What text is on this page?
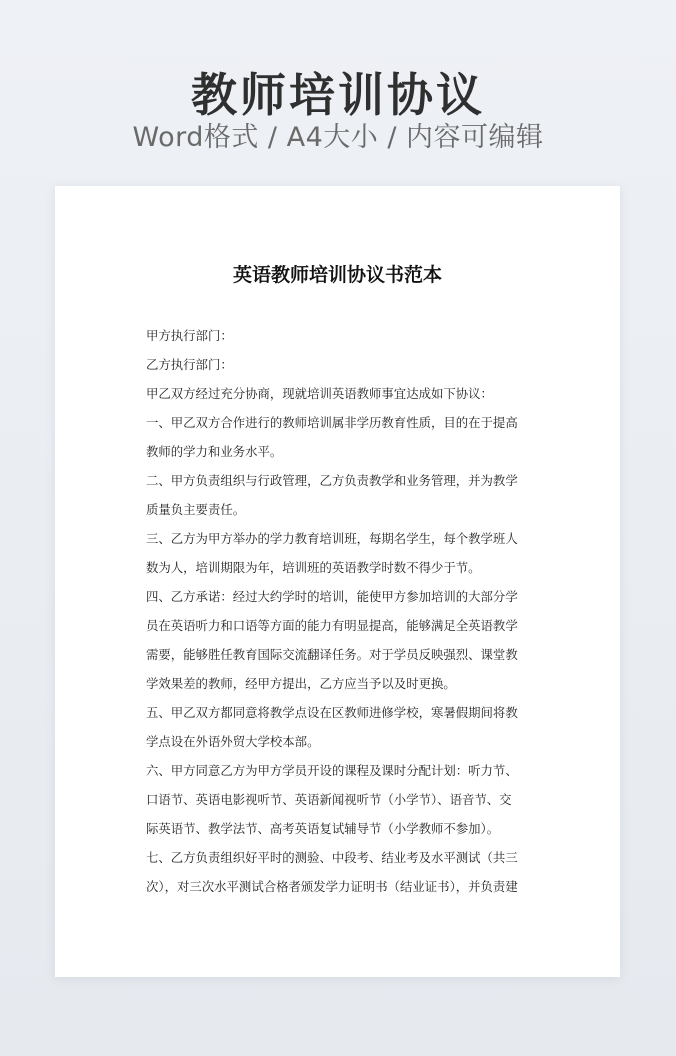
教师培训协议
Word格式 / A4大小 / 内容可编辑
英语教师培训协议书范本
甲方执行部门：
乙方执行部门：
甲乙双方经过充分协商，现就培训英语教师事宜达成如下协议：
一、甲乙双方合作进行的教师培训属非学历教育性质，目的在于提高
教师的学力和业务水平。
二、甲方负责组织与行政管理，乙方负责教学和业务管理，并为教学
质量负主要责任。
三、乙方为甲方举办的学力教育培训班，每期名学生，每个教学班人
数为人，培训期限为年，培训班的英语教学时数不得少于节。
四、乙方承诺：经过大约学时的培训，能使甲方参加培训的大部分学
员在英语听力和口语等方面的能力有明显提高，能够满足全英语教学
需要，能够胜任教育国际交流翻译任务。对于学员反映强烈、课堂教
学效果差的教师，经甲方提出，乙方应当予以及时更换。
五、甲乙双方都同意将教学点设在区教师进修学校，寒暑假期间将教
学点设在外语外贸大学校本部。
六、甲方同意乙方为甲方学员开设的课程及课时分配计划：听力节、
口语节、英语电影视听节、英语新闻视听节（小学节）、语音节、交
际英语节、教学法节、高考英语复试辅导节（小学教师不参加）。
七、乙方负责组织好平时的测验、中段考、结业考及水平测试（共三
次），对三次水平测试合格者颁发学力证明书（结业证书），并负责建
